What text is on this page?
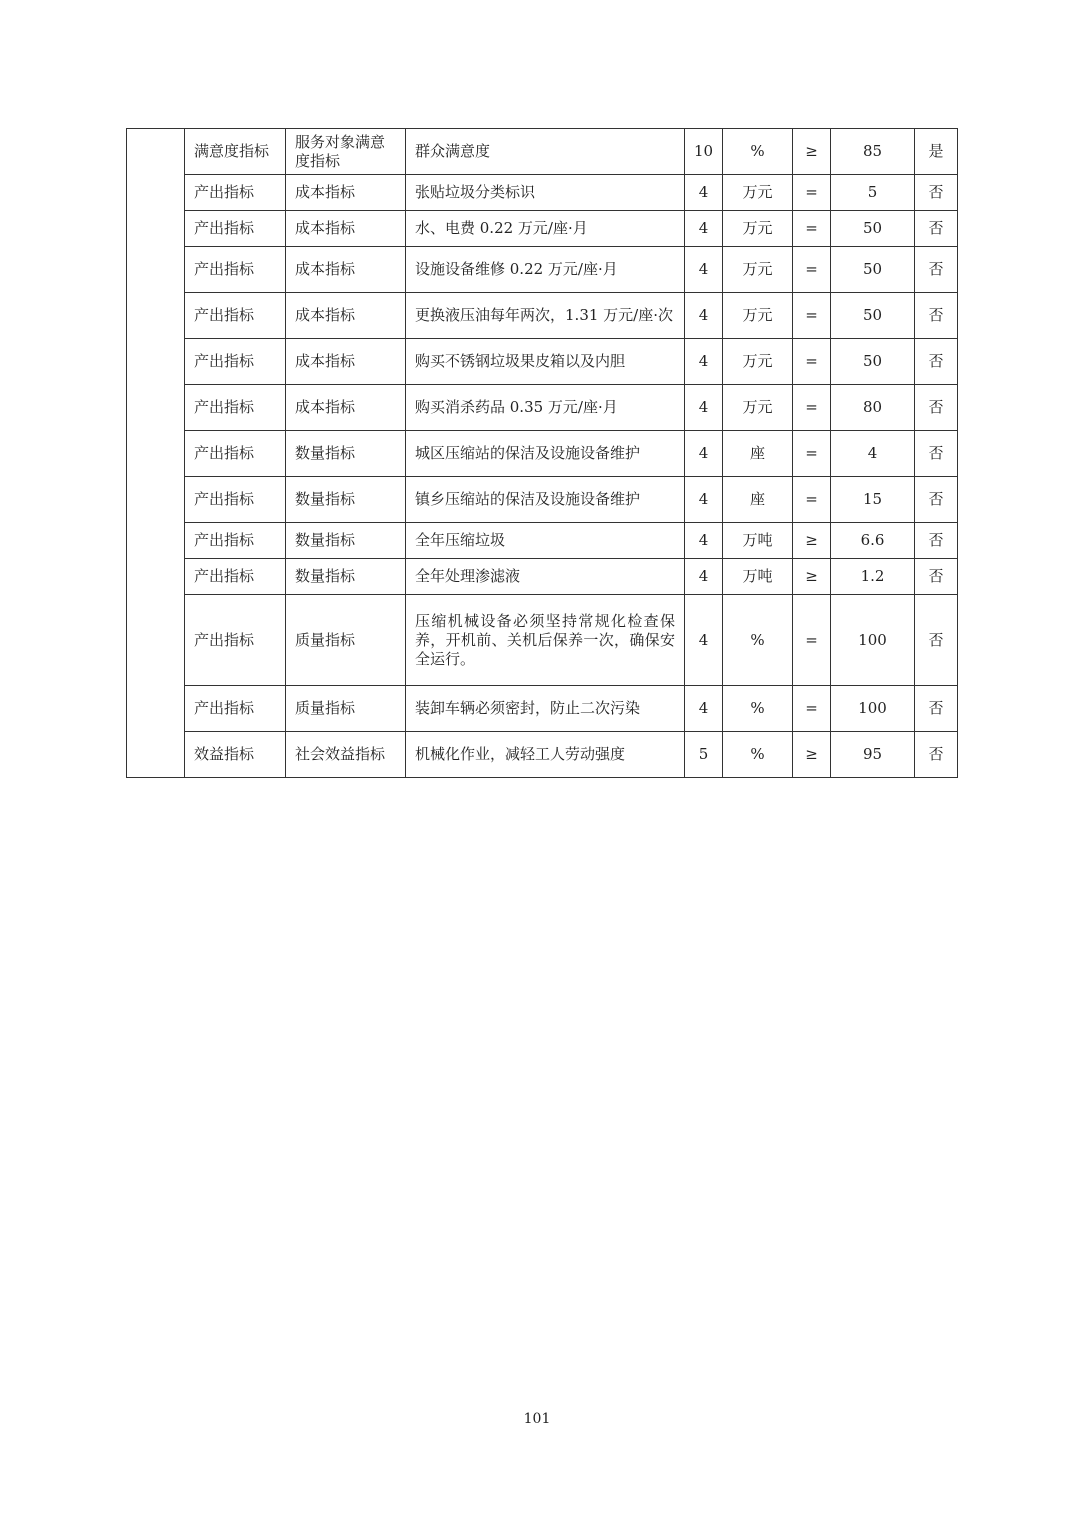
	满意度指标	服务对象满意度指标	群众满意度	10	%	≥	85	是
	产出指标	成本指标	张贴垃圾分类标识	4	万元	=	5	否
	产出指标	成本指标	水、电费 0.22 万元/座·月	4	万元	=	50	否
	产出指标	成本指标	设施设备维修 0.22 万元/座·月	4	万元	=	50	否
	产出指标	成本指标	更换液压油每年两次，1.31 万元/座·次	4	万元	=	50	否
	产出指标	成本指标	购买不锈钢垃圾果皮箱以及内胆	4	万元	=	50	否
	产出指标	成本指标	购买消杀药品 0.35 万元/座·月	4	万元	=	80	否
	产出指标	数量指标	城区压缩站的保洁及设施设备维护	4	座	=	4	否
	产出指标	数量指标	镇乡压缩站的保洁及设施设备维护	4	座	=	15	否
	产出指标	数量指标	全年压缩垃圾	4	万吨	≥	6.6	否
	产出指标	数量指标	全年处理渗滤液	4	万吨	≥	1.2	否
	产出指标	质量指标	压缩机械设备必须坚持常规化检查保养，开机前、关机后保养一次，确保安全运行。	4	%	=	100	否
	产出指标	质量指标	装卸车辆必须密封，防止二次污染	4	%	=	100	否
	效益指标	社会效益指标	机械化作业，减轻工人劳动强度	5	%	≥	95	否
101
